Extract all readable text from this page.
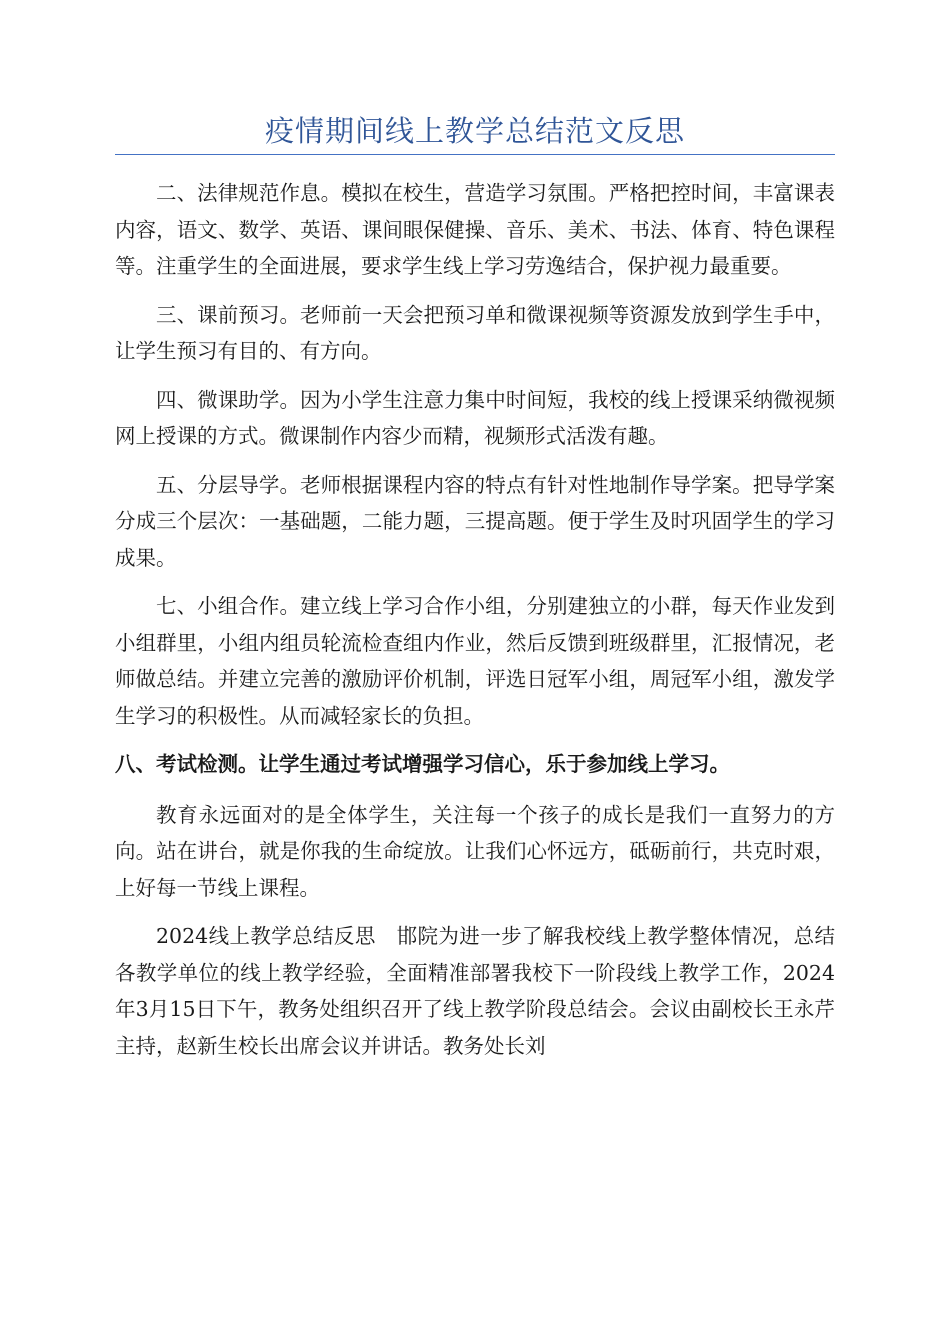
疫情期间线上教学总结范文反思

二、法律规范作息。模拟在校生，营造学习氛围。严格把控时间，丰富课表内容，语文、数学、英语、课间眼保健操、音乐、美术、书法、体育、特色课程等。注重学生的全面进展，要求学生线上学习劳逸结合，保护视力最重要。

三、课前预习。老师前一天会把预习单和微课视频等资源发放到学生手中，让学生预习有目的、有方向。

四、微课助学。因为小学生注意力集中时间短，我校的线上授课采纳微视频网上授课的方式。微课制作内容少而精，视频形式活泼有趣。

五、分层导学。老师根据课程内容的特点有针对性地制作导学案。把导学案分成三个层次：一基础题，二能力题，三提高题。便于学生及时巩固学生的学习成果。

七、小组合作。建立线上学习合作小组，分别建独立的小群，每天作业发到小组群里，小组内组员轮流检查组内作业，然后反馈到班级群里，汇报情况，老师做总结。并建立完善的激励评价机制，评选日冠军小组，周冠军小组，激发学生学习的积极性。从而减轻家长的负担。

八、考试检测。让学生通过考试增强学习信心，乐于参加线上学习。

教育永远面对的是全体学生，关注每一个孩子的成长是我们一直努力的方向。站在讲台，就是你我的生命绽放。让我们心怀远方，砥砺前行，共克时艰，上好每一节线上课程。

2024线上教学总结反思　邯院为进一步了解我校线上教学整体情况，总结各教学单位的线上教学经验，全面精准部署我校下一阶段线上教学工作，2024年3月15日下午，教务处组织召开了线上教学阶段总结会。会议由副校长王永芹主持，赵新生校长出席会议并讲话。教务处长刘
